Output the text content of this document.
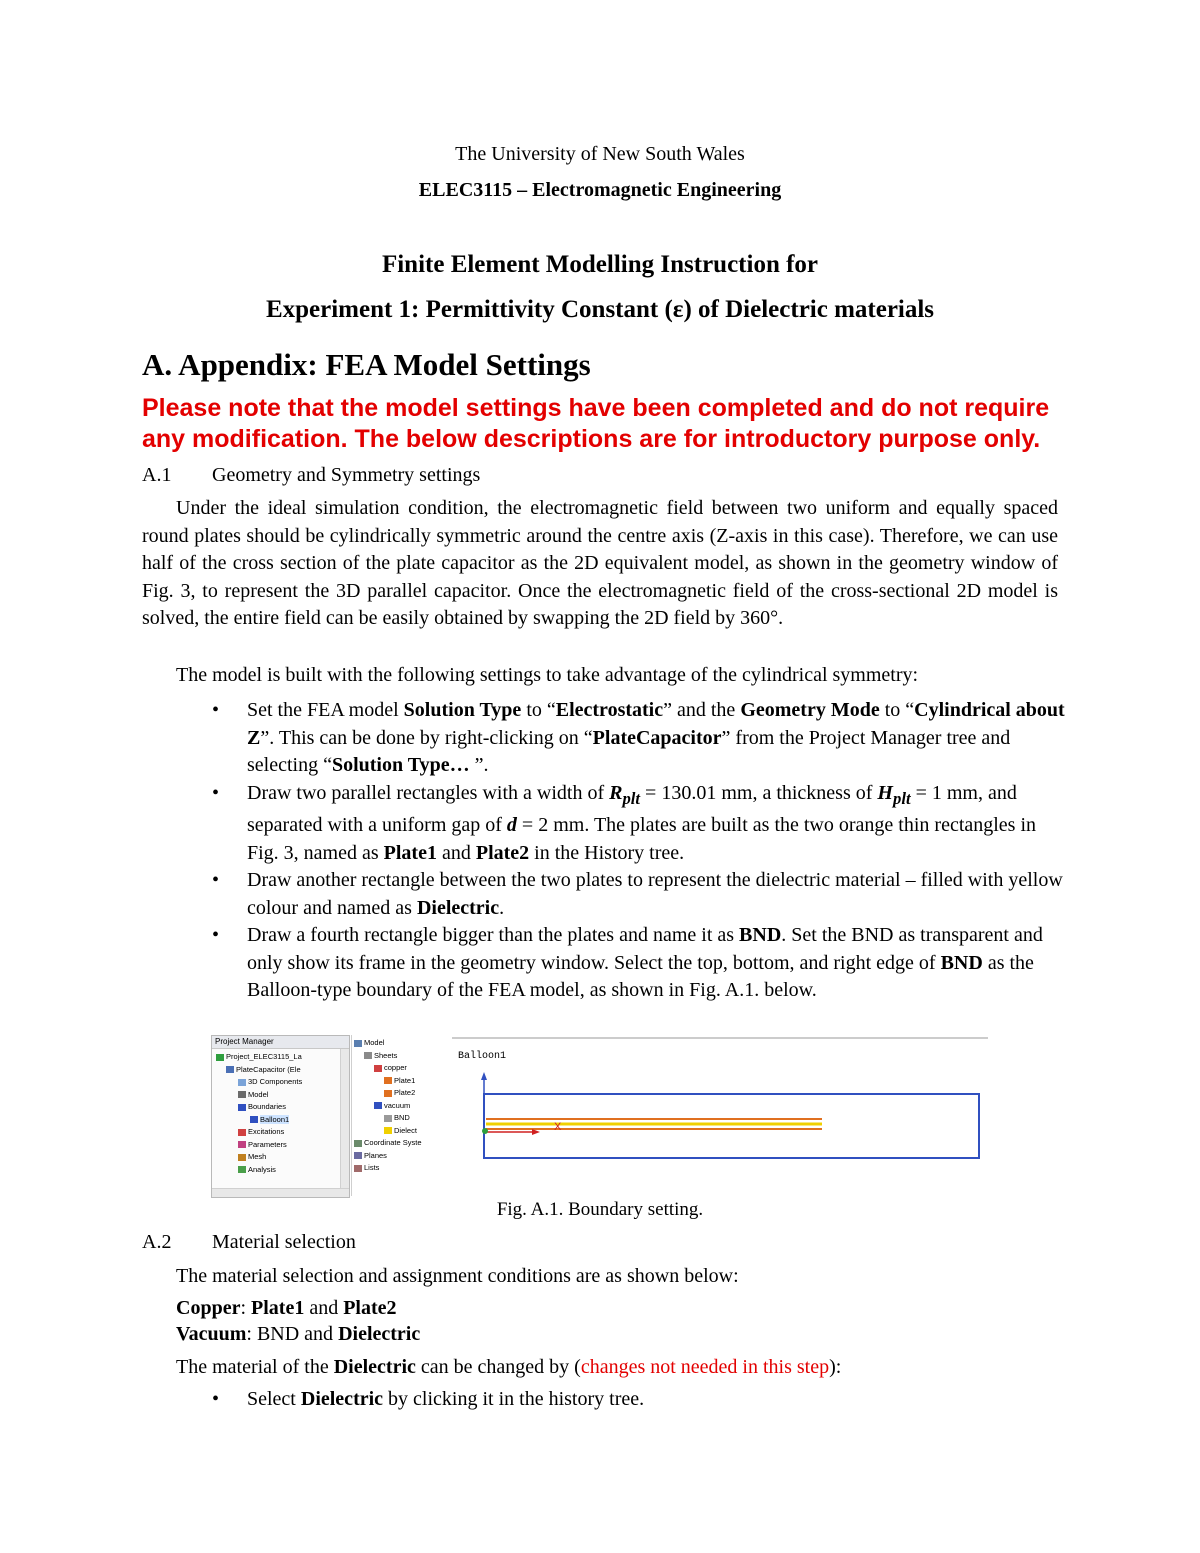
The University of New South Wales
ELEC3115 – Electromagnetic Engineering
Finite Element Modelling Instruction for
Experiment 1: Permittivity Constant (ε) of Dielectric materials
A. Appendix: FEA Model Settings
Please note that the model settings have been completed and do not require any modification. The below descriptions are for introductory purpose only.
A.1 Geometry and Symmetry settings
Under the ideal simulation condition, the electromagnetic field between two uniform and equally spaced round plates should be cylindrically symmetric around the centre axis (Z-axis in this case). Therefore, we can use half of the cross section of the plate capacitor as the 2D equivalent model, as shown in the geometry window of Fig. 3, to represent the 3D parallel capacitor. Once the electromagnetic field of the cross-sectional 2D model is solved, the entire field can be easily obtained by swapping the 2D field by 360°.
The model is built with the following settings to take advantage of the cylindrical symmetry:

• Set the FEA model Solution Type to “Electrostatic” and the Geometry Mode to “Cylindrical about Z”. This can be done by right-clicking on “PlateCapacitor” from the Project Manager tree and selecting “Solution Type… ”.

• Draw two parallel rectangles with a width of $R_{plt} = 130.01$ mm, a thickness of $H_{plt} = 1$ mm, and separated with a uniform gap of d = 2 mm. The plates are built as the two orange thin rectangles in Fig. 3, named as Plate1 and Plate2 in the History tree.

• Draw another rectangle between the two plates to represent the dielectric material – filled with yellow colour and named as Dielectric.

• Draw a fourth rectangle bigger than the plates and name it as BND. Set the BND as transparent and only show its frame in the geometry window. Select the top, bottom, and right edge of BND as the Balloon-type boundary of the FEA model, as shown in Fig. A.1. below.

Project Manager
Project_ELEC3115_La
PlateCapacitor (Ele
3D Components
Model
Boundaries
Balloon1
Excitations
Parameters
Mesh
Analysis
Model
Sheets
copper
Plate1
Plate2
vacuum
BND
Dielect
Coordinate Syste
Planes
Lists
X
Balloon1
Fig. A.1. Boundary setting.
A.2 Material selection
The material selection and assignment conditions are as shown below:
Copper: Plate1 and Plate2
Vacuum: BND and Dielectric
The material of the Dielectric can be changed by (changes not needed in this step):

• Select Dielectric by clicking it in the history tree.
